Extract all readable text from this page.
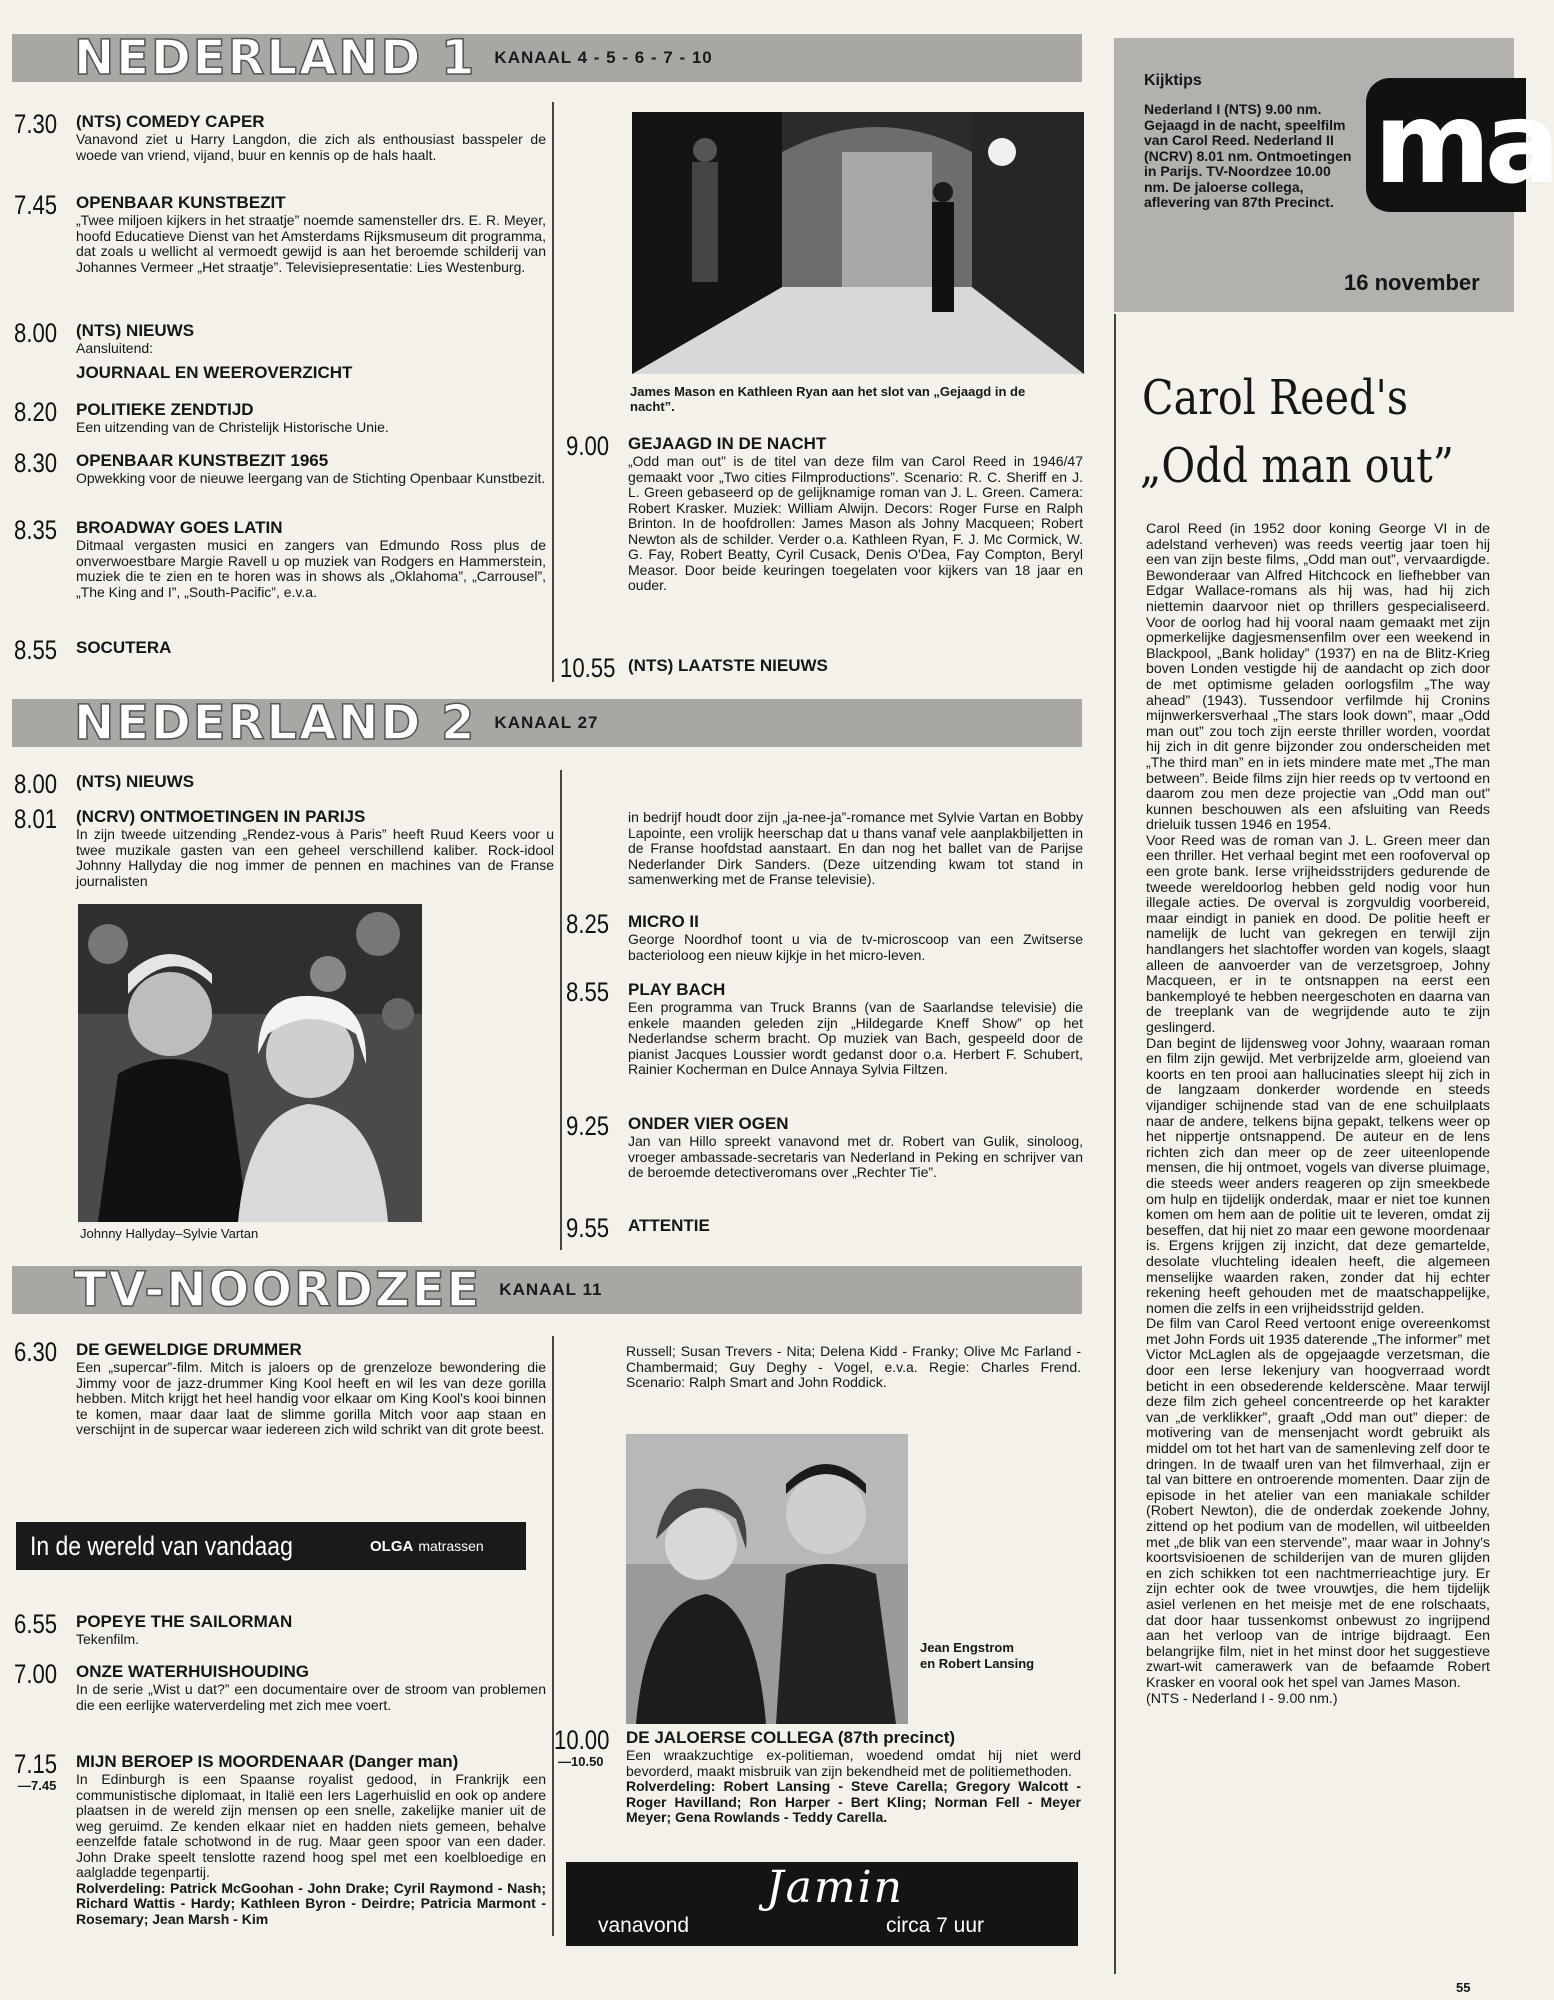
NEDERLAND 1 KANAAL 4 - 5 - 6 - 7 - 10
7.30 (NTS) COMEDY CAPER
Vanavond ziet u Harry Langdon, die zich als enthousiast basspeler de woede van vriend, vijand, buur en kennis op de hals haalt.
7.45 OPENBAAR KUNSTBEZIT
„Twee miljoen kijkers in het straatje” noemde samensteller drs. E. R. Meyer, hoofd Educatieve Dienst van het Amsterdams Rijksmuseum dit programma, dat zoals u wellicht al vermoedt gewijd is aan het beroemde schilderij van Johannes Vermeer „Het straatje”. Televisiepresentatie: Lies Westenburg.
8.00 (NTS) NIEUWS
Aansluitend:
JOURNAAL EN WEEROVERZICHT
8.20 POLITIEKE ZENDTIJD
Een uitzending van de Christelijk Historische Unie.
8.30 OPENBAAR KUNSTBEZIT 1965
Opwekking voor de nieuwe leergang van de Stichting Openbaar Kunstbezit.
8.35 BROADWAY GOES LATIN
Ditmaal vergasten musici en zangers van Edmundo Ross plus de onverwoestbare Margie Ravell u op muziek van Rodgers en Hammerstein, muziek die te zien en te horen was in shows als „Oklahoma”, „Carrousel”, „The King and I”, „South-Pacific”, e.v.a.
8.55 SOCUTERA
James Mason en Kathleen Ryan aan het slot van „Gejaagd in de nacht”.
9.00 GEJAAGD IN DE NACHT
„Odd man out” is de titel van deze film van Carol Reed in 1946/47 gemaakt voor „Two cities Filmproductions”. Scenario: R. C. Sheriff en J. L. Green gebaseerd op de gelijknamige roman van J. L. Green. Camera: Robert Krasker. Muziek: William Alwijn. Decors: Roger Furse en Ralph Brinton. In de hoofdrollen: James Mason als Johny Macqueen; Robert Newton als de schilder. Verder o.a. Kathleen Ryan, F. J. Mc Cormick, W. G. Fay, Robert Beatty, Cyril Cusack, Denis O'Dea, Fay Compton, Beryl Measor. Door beide keuringen toegelaten voor kijkers van 18 jaar en ouder.
10.55 (NTS) LAATSTE NIEUWS
NEDERLAND 2 KANAAL 27
8.00 (NTS) NIEUWS
8.01 (NCRV) ONTMOETINGEN IN PARIJS
In zijn tweede uitzending „Rendez-vous à Paris” heeft Ruud Keers voor u twee muzikale gasten van een geheel verschillend kaliber. Rock-idool Johnny Hallyday die nog immer de pennen en machines van de Franse journalisten
Johnny Hallyday–Sylvie Vartan
in bedrijf houdt door zijn „ja-nee-ja”-romance met Sylvie Vartan en Bobby Lapointe, een vrolijk heerschap dat u thans vanaf vele aanplakbiljetten in de Franse hoofdstad aanstaart. En dan nog het ballet van de Parijse Nederlander Dirk Sanders. (Deze uitzending kwam tot stand in samenwerking met de Franse televisie).
8.25 MICRO II
George Noordhof toont u via de tv-microscoop van een Zwitserse bacterioloog een nieuw kijkje in het micro-leven.
8.55 PLAY BACH
Een programma van Truck Branns (van de Saarlandse televisie) die enkele maanden geleden zijn „Hildegarde Kneff Show” op het Nederlandse scherm bracht. Op muziek van Bach, gespeeld door de pianist Jacques Loussier wordt gedanst door o.a. Herbert F. Schubert, Rainier Kocherman en Dulce Annaya Sylvia Filtzen.
9.25 ONDER VIER OGEN
Jan van Hillo spreekt vanavond met dr. Robert van Gulik, sinoloog, vroeger ambassade-secretaris van Nederland in Peking en schrijver van de beroemde detectiveromans over „Rechter Tie”.
9.55 ATTENTIE
TV-NOORDZEE KANAAL 11
6.30 DE GEWELDIGE DRUMMER
Een „supercar”-film. Mitch is jaloers op de grenzeloze bewondering die Jimmy voor de jazz-drummer King Kool heeft en wil les van deze gorilla hebben. Mitch krijgt het heel handig voor elkaar om King Kool's kooi binnen te komen, maar daar laat de slimme gorilla Mitch voor aap staan en verschijnt in de supercar waar iedereen zich wild schrikt van dit grote beest.
In de wereld van vandaag	OLGA matrassen
6.55 POPEYE THE SAILORMAN
Tekenfilm.
7.00 ONZE WATERHUISHOUDING
In de serie „Wist u dat?” een documentaire over de stroom van problemen die een eerlijke waterverdeling met zich mee voert.
7.15
—7.45
MIJN BEROEP IS MOORDENAAR (Danger man)
In Edinburgh is een Spaanse royalist gedood, in Frankrijk een communistische diplomaat, in Italië een Iers Lagerhuislid en ook op andere plaatsen in de wereld zijn mensen op een snelle, zakelijke manier uit de weg geruimd. Ze kenden elkaar niet en hadden niets gemeen, behalve eenzelfde fatale schotwond in de rug. Maar geen spoor van een dader. John Drake speelt tenslotte razend hoog spel met een koelbloedige en aalgladde tegenpartij.
Rolverdeling: Patrick McGoohan - John Drake; Cyril Raymond - Nash; Richard Wattis - Hardy; Kathleen Byron - Deirdre; Patricia Marmont - Rosemary; Jean Marsh - Kim
Russell; Susan Trevers - Nita; Delena Kidd - Franky; Olive Mc Farland - Chambermaid; Guy Deghy - Vogel, e.v.a. Regie: Charles Frend. Scenario: Ralph Smart and John Roddick.
Jean Engstrom
en Robert Lansing
10.00
—10.50
DE JALOERSE COLLEGA (87th precinct)
Een wraakzuchtige ex-politieman, woedend omdat hij niet werd bevorderd, maakt misbruik van zijn bekendheid met de politiemethoden.
Rolverdeling: Robert Lansing - Steve Carella; Gregory Walcott - Roger Havilland; Ron Harper - Bert Kling; Norman Fell - Meyer Meyer; Gena Rowlands - Teddy Carella.
vanavond
Jamin
circa 7 uur
Kijktips
Nederland I (NTS) 9.00 nm. Gejaagd in de nacht, speelfilm van Carol Reed. Nederland II (NCRV) 8.01 nm. Ontmoetingen in Parijs. TV-Noordzee 10.00 nm. De jaloerse collega, aflevering van 87th Precinct. ma
16 november
Carol Reed's
„Odd man out”

Carol Reed (in 1952 door koning George VI in de adelstand verheven) was reeds veertig jaar toen hij een van zijn beste films, „Odd man out”, vervaardigde. Bewonderaar van Alfred Hitchcock en liefhebber van Edgar Wallace-romans als hij was, had hij zich niettemin daarvoor niet op thrillers gespecialiseerd. Voor de oorlog had hij vooral naam gemaakt met zijn opmerkelijke dagjesmensenfilm over een weekend in Blackpool, „Bank holiday” (1937) en na de Blitz-Krieg boven Londen vestigde hij de aandacht op zich door de met optimisme geladen oorlogsfilm „The way ahead” (1943). Tussendoor verfilmde hij Cronins mijnwerkersverhaal „The stars look down”, maar „Odd man out” zou toch zijn eerste thriller worden, voordat hij zich in dit genre bijzonder zou onderscheiden met „The third man” en in iets mindere mate met „The man between”. Beide films zijn hier reeds op tv vertoond en daarom zou men deze projectie van „Odd man out” kunnen beschouwen als een afsluiting van Reeds drieluik tussen 1946 en 1954.

Voor Reed was de roman van J. L. Green meer dan een thriller. Het verhaal begint met een roofoverval op een grote bank. Ierse vrijheidsstrijders gedurende de tweede wereldoorlog hebben geld nodig voor hun illegale acties. De overval is zorgvuldig voorbereid, maar eindigt in paniek en dood. De politie heeft er namelijk de lucht van gekregen en terwijl zijn handlangers het slachtoffer worden van kogels, slaagt alleen de aanvoerder van de verzetsgroep, Johny Macqueen, er in te ontsnappen na eerst een bankemployé te hebben neergeschoten en daarna van de treeplank van de wegrijdende auto te zijn geslingerd.

Dan begint de lijdensweg voor Johny, waaraan roman en film zijn gewijd. Met verbrijzelde arm, gloeiend van koorts en ten prooi aan hallucinaties sleept hij zich in de langzaam donkerder wordende en steeds vijandiger schijnende stad van de ene schuilplaats naar de andere, telkens bijna gepakt, telkens weer op het nippertje ontsnappend. De auteur en de lens richten zich dan meer op de zeer uiteenlopende mensen, die hij ontmoet, vogels van diverse pluimage, die steeds weer anders reageren op zijn smeekbede om hulp en tijdelijk onderdak, maar er niet toe kunnen komen om hem aan de politie uit te leveren, omdat zij beseffen, dat hij niet zo maar een gewone moordenaar is. Ergens krijgen zij inzicht, dat deze gemartelde, desolate vluchteling idealen heeft, die algemeen menselijke waarden raken, zonder dat hij echter rekening heeft gehouden met de maatschappelijke, nomen die zelfs in een vrijheidsstrijd gelden.

De film van Carol Reed vertoont enige overeenkomst met John Fords uit 1935 daterende „The informer” met Victor McLaglen als de opgejaagde verzetsman, die door een Ierse lekenjury van hoogverraad wordt beticht in een obsederende kelderscène. Maar terwijl deze film zich geheel concentreerde op het karakter van „de verklikker”, graaft „Odd man out” dieper: de motivering van de mensenjacht wordt gebruikt als middel om tot het hart van de samenleving zelf door te dringen. In de twaalf uren van het filmverhaal, zijn er tal van bittere en ontroerende momenten. Daar zijn de episode in het atelier van een maniakale schilder (Robert Newton), die de onderdak zoekende Johny, zittend op het podium van de modellen, wil uitbeelden met „de blik van een stervende”, maar waar in Johny's koortsvisioenen de schilderijen van de muren glijden en zich schikken tot een nachtmerrieachtige jury. Er zijn echter ook de twee vrouwtjes, die hem tijdelijk asiel verlenen en het meisje met de ene rolschaats, dat door haar tussenkomst onbewust zo ingrijpend aan het verloop van de intrige bijdraagt. Een belangrijke film, niet in het minst door het suggestieve zwart-wit camerawerk van de befaamde Robert Krasker en vooral ook het spel van James Mason.

(NTS - Nederland I - 9.00 nm.)

55
